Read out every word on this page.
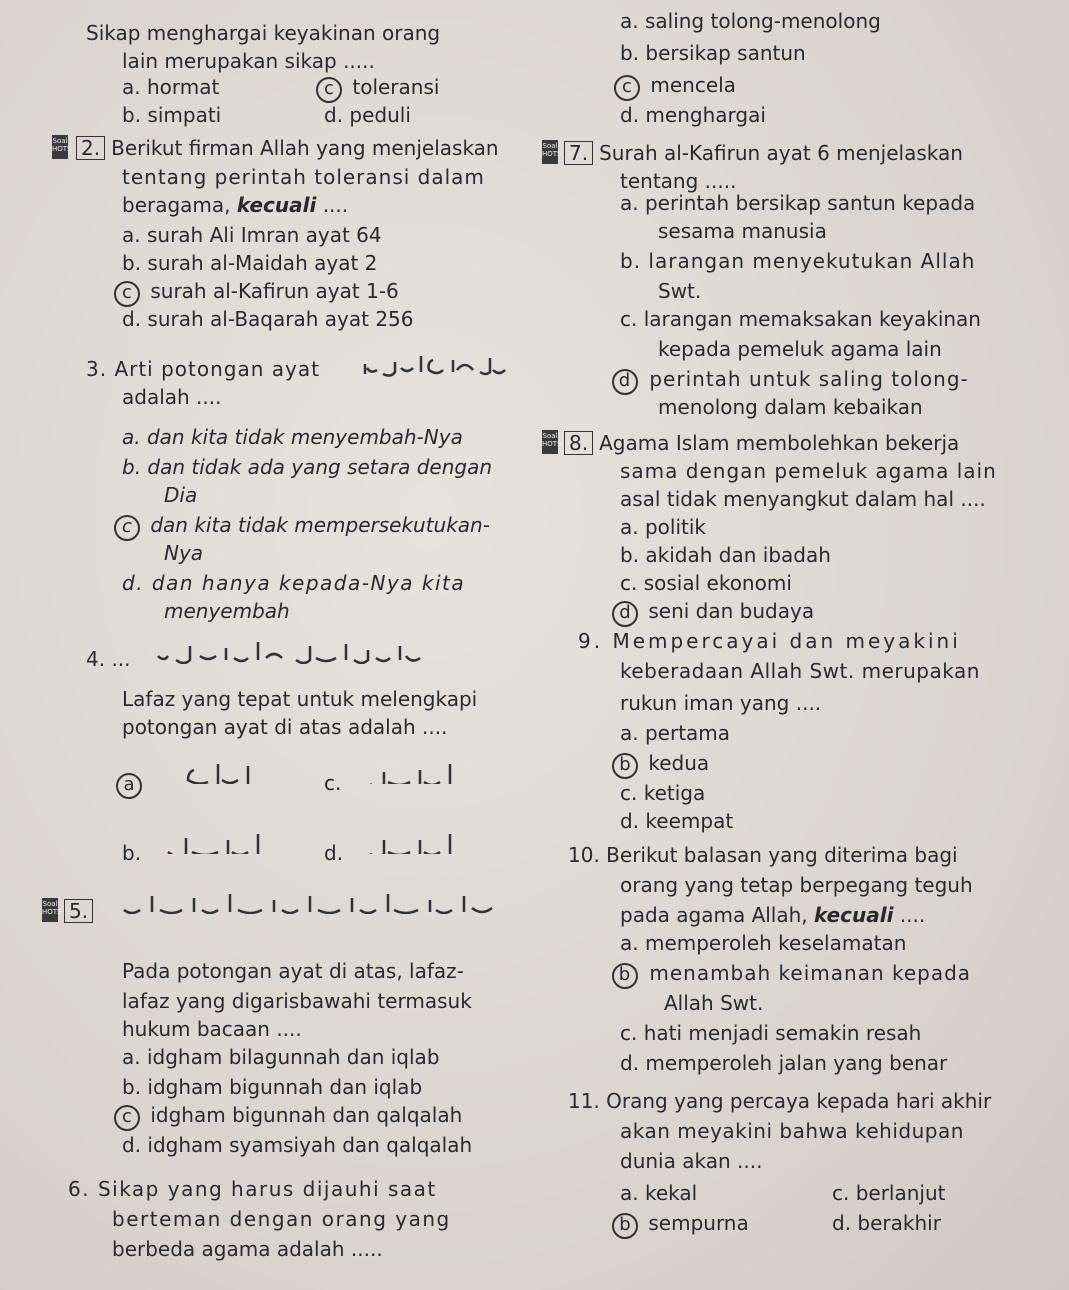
Sikap menghargai keyakinan orang
lain merupakan sikap .....
a. hormat	c toleransi
b. simpati	d. peduli
Soal HOTS 2. Berikut firman Allah yang menjelaskan
tentang perintah toleransi dalam
beragama, kecuali ....
a. surah Ali Imran ayat 64
b. surah al-Maidah ayat 2
c surah al-Kafirun ayat 1-6
d. surah al-Baqarah ayat 256
3. Arti potongan ayat
adalah ....
a. dan kita tidak menyembah-Nya
b. dan tidak ada yang setara dengan
Dia
c dan kita tidak mempersekutukan-
Nya
d. dan hanya kepada-Nya kita
menyembah
4. ...
Lafaz yang tepat untuk melengkapi
potongan ayat di atas adalah ....
a	c.
b.	d.
Soal HOTS 5.
Pada potongan ayat di atas, lafaz-
lafaz yang digarisbawahi termasuk
hukum bacaan ....
a. idgham bilagunnah dan iqlab
b. idgham bigunnah dan iqlab
c idgham bigunnah dan qalqalah
d. idgham syamsiyah dan qalqalah
6. Sikap yang harus dijauhi saat
berteman dengan orang yang
berbeda agama adalah .....
a. saling tolong-menolong
b. bersikap santun
c mencela
d. menghargai
Soal HOTS 7. Surah al-Kafirun ayat 6 menjelaskan
tentang .....
a. perintah bersikap santun kepada
sesama manusia
b. larangan menyekutukan Allah
Swt.
c. larangan memaksakan keyakinan
kepada pemeluk agama lain
d perintah untuk saling tolong-
menolong dalam kebaikan
Soal HOTS 8. Agama Islam membolehkan bekerja
sama dengan pemeluk agama lain
asal tidak menyangkut dalam hal ....
a. politik
b. akidah dan ibadah
c. sosial ekonomi
d seni dan budaya
9. Mempercayai dan meyakini
keberadaan Allah Swt. merupakan
rukun iman yang ....
a. pertama
b kedua
c. ketiga
d. keempat
10. Berikut balasan yang diterima bagi
orang yang tetap berpegang teguh
pada agama Allah, kecuali ....
a. memperoleh keselamatan
b menambah keimanan kepada
Allah Swt.
c. hati menjadi semakin resah
d. memperoleh jalan yang benar
11. Orang yang percaya kepada hari akhir
akan meyakini bahwa kehidupan
dunia akan ....
a. kekal	c. berlanjut
b sempurna	d. berakhir
